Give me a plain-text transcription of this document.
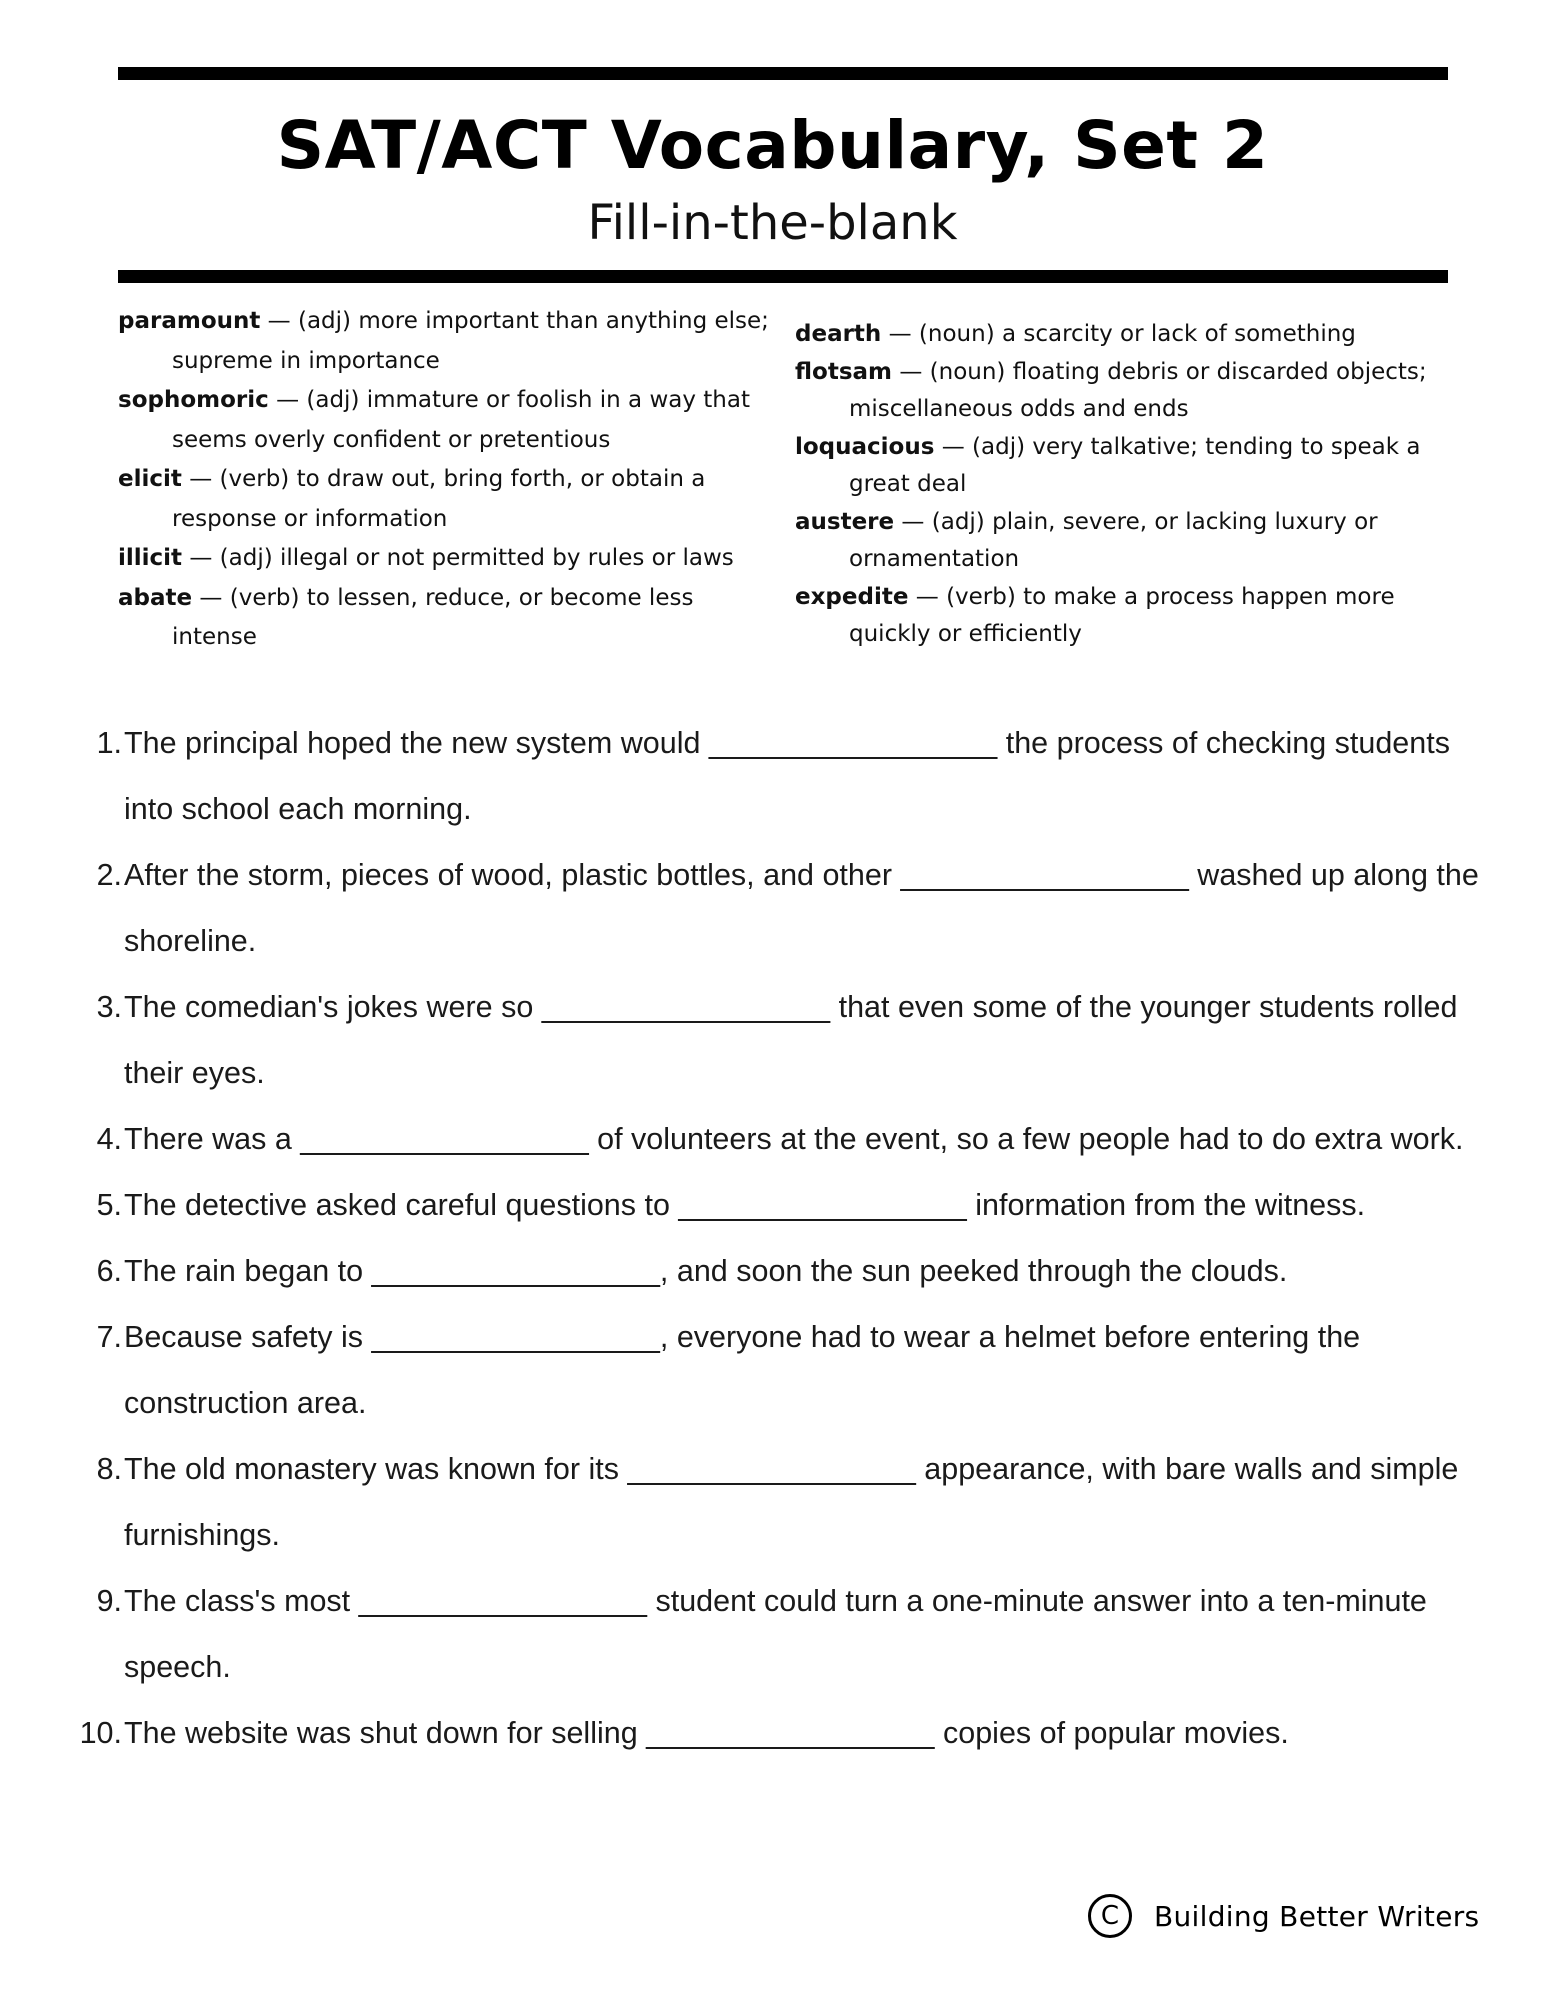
SAT/ACT Vocabulary, Set 2
Fill-in-the-blank

paramount — (adj) more important than anything else; supreme in importance

sophomoric — (adj) immature or foolish in a way that seems overly confident or pretentious

elicit — (verb) to draw out, bring forth, or obtain a response or information

illicit — (adj) illegal or not permitted by rules or laws

abate — (verb) to lessen, reduce, or become less intense

dearth — (noun) a scarcity or lack of something

flotsam — (noun) floating debris or discarded objects; miscellaneous odds and ends

loquacious — (adj) very talkative; tending to speak a great deal

austere — (adj) plain, severe, or lacking luxury or ornamentation

expedite — (verb) to make a process happen more quickly or efficiently

1. The principal hoped the new system would _________________ the process of checking students into school each morning.
2. After the storm, pieces of wood, plastic bottles, and other _________________ washed up along the shoreline.
3. The comedian's jokes were so _________________ that even some of the younger students rolled their eyes.
4. There was a _________________ of volunteers at the event, so a few people had to do extra work.
5. The detective asked careful questions to _________________ information from the witness.
6. The rain began to _________________, and soon the sun peeked through the clouds.
7. Because safety is _________________, everyone had to wear a helmet before entering the construction area.
8. The old monastery was known for its _________________ appearance, with bare walls and simple furnishings.
9. The class's most _________________ student could turn a one-minute answer into a ten-minute speech.
10. The website was shut down for selling _________________ copies of popular movies.
C	Building Better Writers
